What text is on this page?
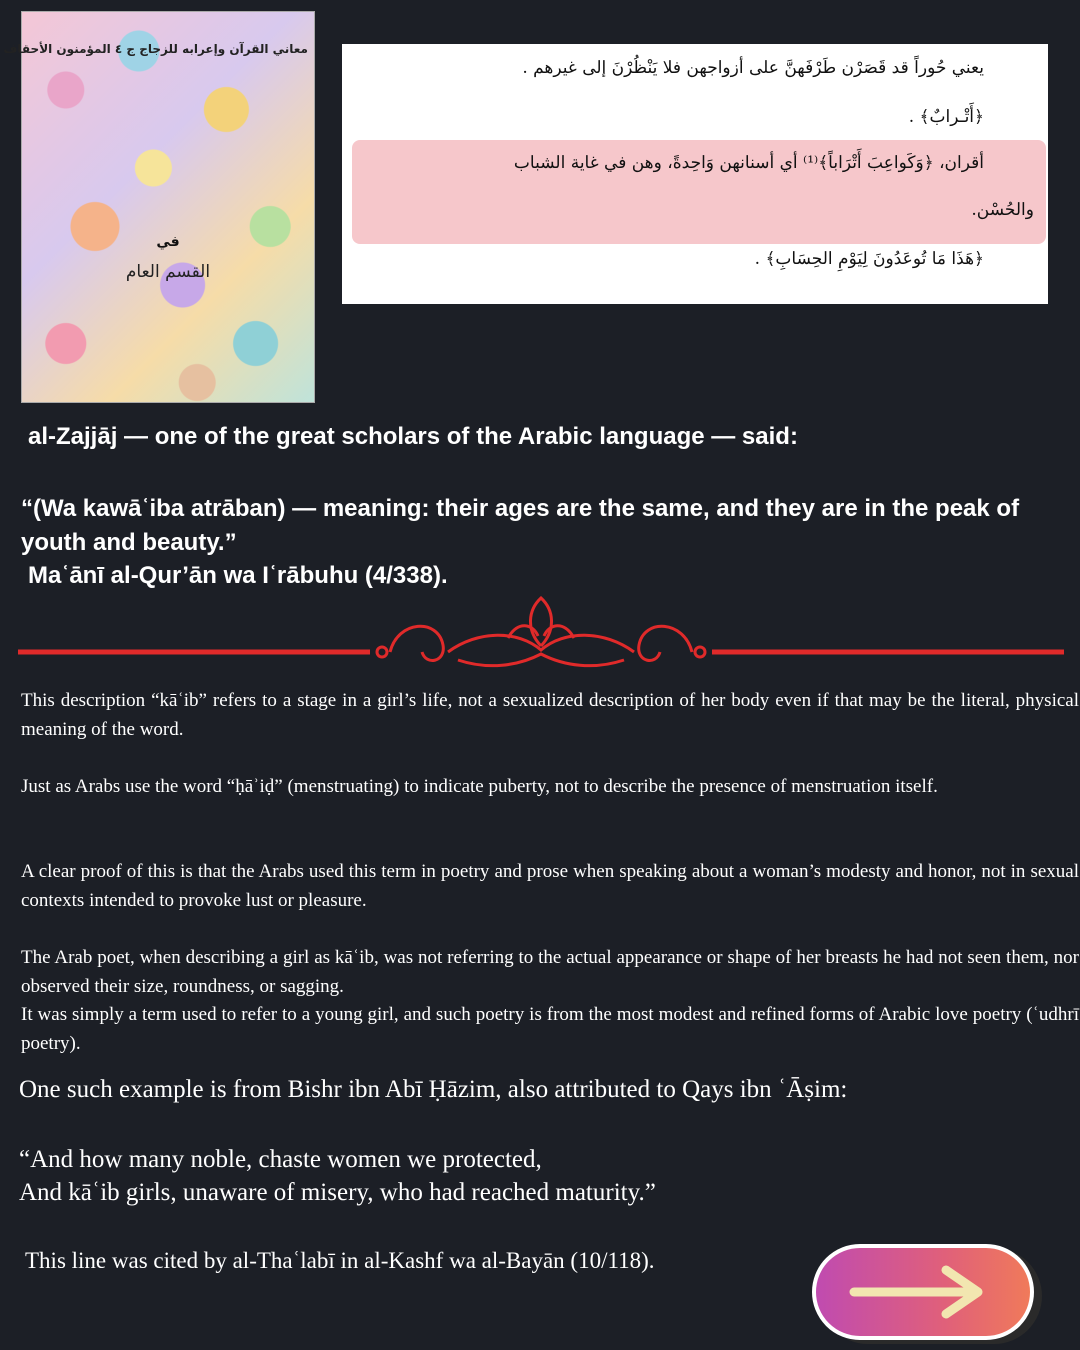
معاني القرآن وإعرابه للزجاج ج ٤ المؤمنون الأحقاف
في
القسم العام
يعني حُوراً قد قَصَرْن طَرْفَهنَّ على أزواجهن فلا يَنْظُرْنَ إلى غيرهم .
﴿أَتْـرابٌ﴾ .
أقران، ﴿وَكَواعِبَ أَتْرَاباً﴾⁽¹⁾ أي أسنانهن وَاحِدةً، وهن في غاية الشباب
والحُسْن.
﴿هَذَا مَا تُوعَدُونَ لِيَوْمِ الحِسَابِ﴾ .
al-Zajjāj — one of the great scholars of the Arabic language — said:
“(Wa kawāʿiba atrāban) — meaning: their ages are the same, and they are in the peak of youth and beauty.”
Maʿānī al-Qur’ān wa Iʿrābuhu (4/338).
This description “kāʿib” refers to a stage in a girl’s life, not a sexualized description of her body even if that may be the literal, physical meaning of the word.
Just as Arabs use the word “ḥāʾiḍ” (menstruating) to indicate puberty, not to describe the presence of menstruation itself.
A clear proof of this is that the Arabs used this term in poetry and prose when speaking about a woman’s modesty and honor, not in sexual contexts intended to provoke lust or pleasure.
The Arab poet, when describing a girl as kāʿib, was not referring to the actual appearance or shape of her breasts he had not seen them, nor observed their size, roundness, or sagging.
It was simply a term used to refer to a young girl, and such poetry is from the most modest and refined forms of Arabic love poetry (ʿudhrī poetry).
One such example is from Bishr ibn Abī Ḥāzim, also attributed to Qays ibn ʿĀṣim:
“And how many noble, chaste women we protected,
And kāʿib girls, unaware of misery, who had reached maturity.”
This line was cited by al-Thaʿlabī in al-Kashf wa al-Bayān (10/118).
